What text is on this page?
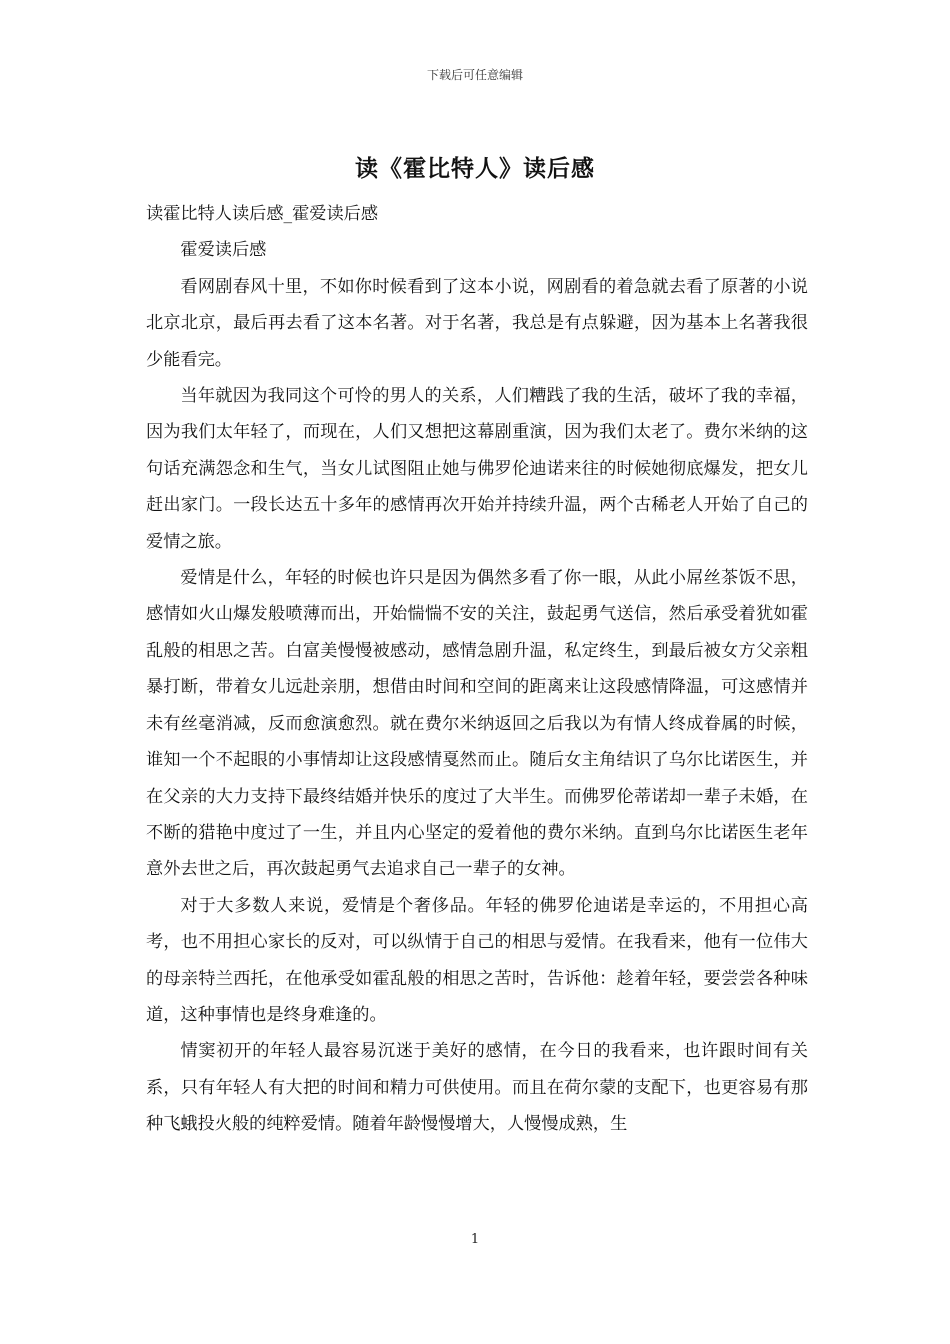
下载后可任意编辑
读《霍比特人》读后感

读霍比特人读后感_霍爱读后感

霍爱读后感

看网剧春风十里，不如你时候看到了这本小说，网剧看的着急就去看了原著的小说北京北京，最后再去看了这本名著。对于名著，我总是有点躲避，因为基本上名著我很少能看完。

当年就因为我同这个可怜的男人的关系，人们糟践了我的生活，破坏了我的幸福，因为我们太年轻了，而现在，人们又想把这幕剧重演，因为我们太老了。费尔米纳的这句话充满怨念和生气，当女儿试图阻止她与佛罗伦迪诺来往的时候她彻底爆发，把女儿赶出家门。一段长达五十多年的感情再次开始并持续升温，两个古稀老人开始了自己的爱情之旅。

爱情是什么，年轻的时候也许只是因为偶然多看了你一眼，从此小屌丝茶饭不思，感情如火山爆发般喷薄而出，开始惴惴不安的关注，鼓起勇气送信，然后承受着犹如霍乱般的相思之苦。白富美慢慢被感动，感情急剧升温，私定终生，到最后被女方父亲粗暴打断，带着女儿远赴亲朋，想借由时间和空间的距离来让这段感情降温，可这感情并未有丝毫消减，反而愈演愈烈。就在费尔米纳返回之后我以为有情人终成眷属的时候，谁知一个不起眼的小事情却让这段感情戛然而止。随后女主角结识了乌尔比诺医生，并在父亲的大力支持下最终结婚并快乐的度过了大半生。而佛罗伦蒂诺却一辈子未婚，在不断的猎艳中度过了一生，并且内心坚定的爱着他的费尔米纳。直到乌尔比诺医生老年意外去世之后，再次鼓起勇气去追求自己一辈子的女神。

对于大多数人来说，爱情是个奢侈品。年轻的佛罗伦迪诺是幸运的，不用担心高考，也不用担心家长的反对，可以纵情于自己的相思与爱情。在我看来，他有一位伟大的母亲特兰西托，在他承受如霍乱般的相思之苦时，告诉他：趁着年轻，要尝尝各种味道，这种事情也是终身难逢的。

情窦初开的年轻人最容易沉迷于美好的感情，在今日的我看来，也许跟时间有关系，只有年轻人有大把的时间和精力可供使用。而且在荷尔蒙的支配下，也更容易有那种飞蛾投火般的纯粹爱情。随着年龄慢慢增大，人慢慢成熟，生

1
